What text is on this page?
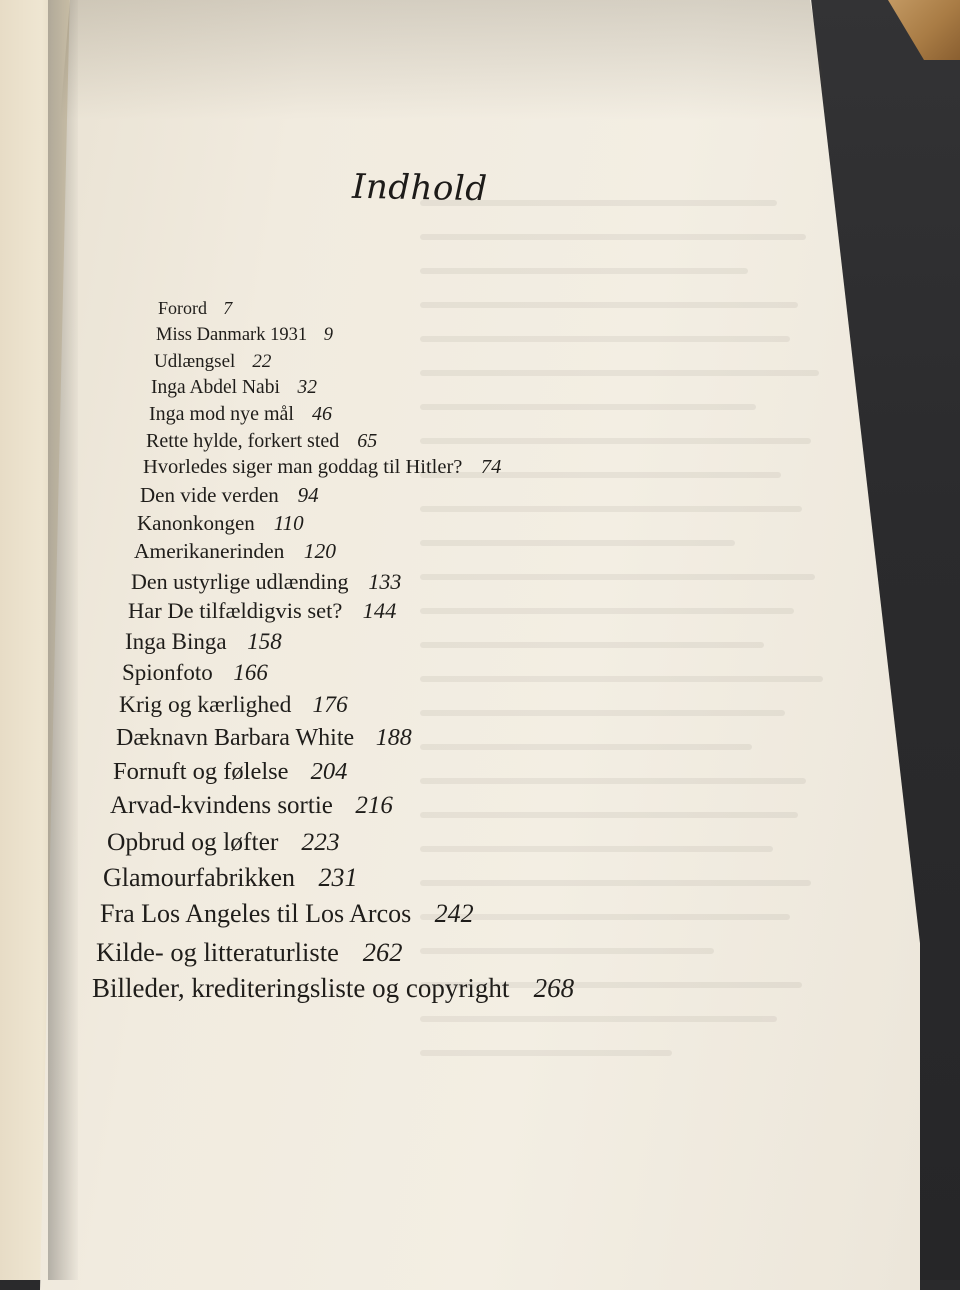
Indhold
Forord 7
Miss Danmark 1931 9
Udlængsel 22
Inga Abdel Nabi 32
Inga mod nye mål 46
Rette hylde, forkert sted 65
Hvorledes siger man goddag til Hitler? 74
Den vide verden 94
Kanonkongen 110
Amerikanerinden 120
Den ustyrlige udlænding 133
Har De tilfældigvis set? 144
Inga Binga 158
Spionfoto 166
Krig og kærlighed 176
Dæknavn Barbara White 188
Fornuft og følelse 204
Arvad-kvindens sortie 216
Opbrud og løfter 223
Glamourfabrikken 231
Fra Los Angeles til Los Arcos 242
Kilde- og litteraturliste 262
Billeder, krediteringsliste og copyright 268
